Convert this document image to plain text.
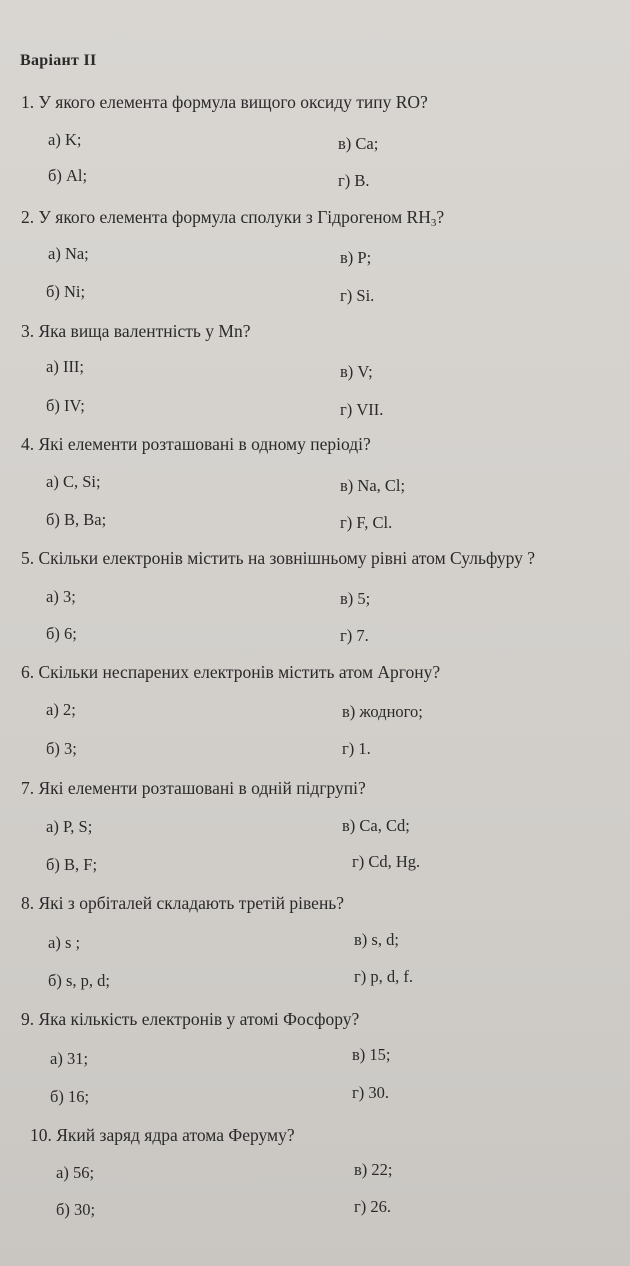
Варіант II
1. У якого елемента формула вищого оксиду типу RO?
а) K;	в) Ca;
б) Al;	г) B.
2. У якого елемента формула сполуки з Гідрогеном $RH_3$?
а) Na;	в) P;
б) Ni;	г) Si.
3. Яка вища валентність у Mn?
а) III;	в) V;
б) IV;	г) VII.
4. Які елементи розташовані в одному періоді?
а) C, Si;	в) Na, Cl;
б) B, Ba;	г) F, Cl.
5. Скільки електронів містить на зовнішньому рівні атом Сульфуру ?
а) 3;	в) 5;
б) 6;	г) 7.
6. Скільки неспарених електронів містить атом Аргону?
а) 2;	в) жодного;
б) 3;	г) 1.
7. Які елементи розташовані в одній підгрупі?
а) P, S;	в) Ca, Cd;
б) B, F;	г) Cd, Hg.
8. Які з орбіталей складають третій рівень?
а) s ;	в) s, d;
б) s, p, d;	г) p, d, f.
9. Яка кількість електронів у атомі Фосфору?
а) 31;	в) 15;
б) 16;	г) 30.
10. Який заряд ядра атома Феруму?
а) 56;	в) 22;
б) 30;	г) 26.
